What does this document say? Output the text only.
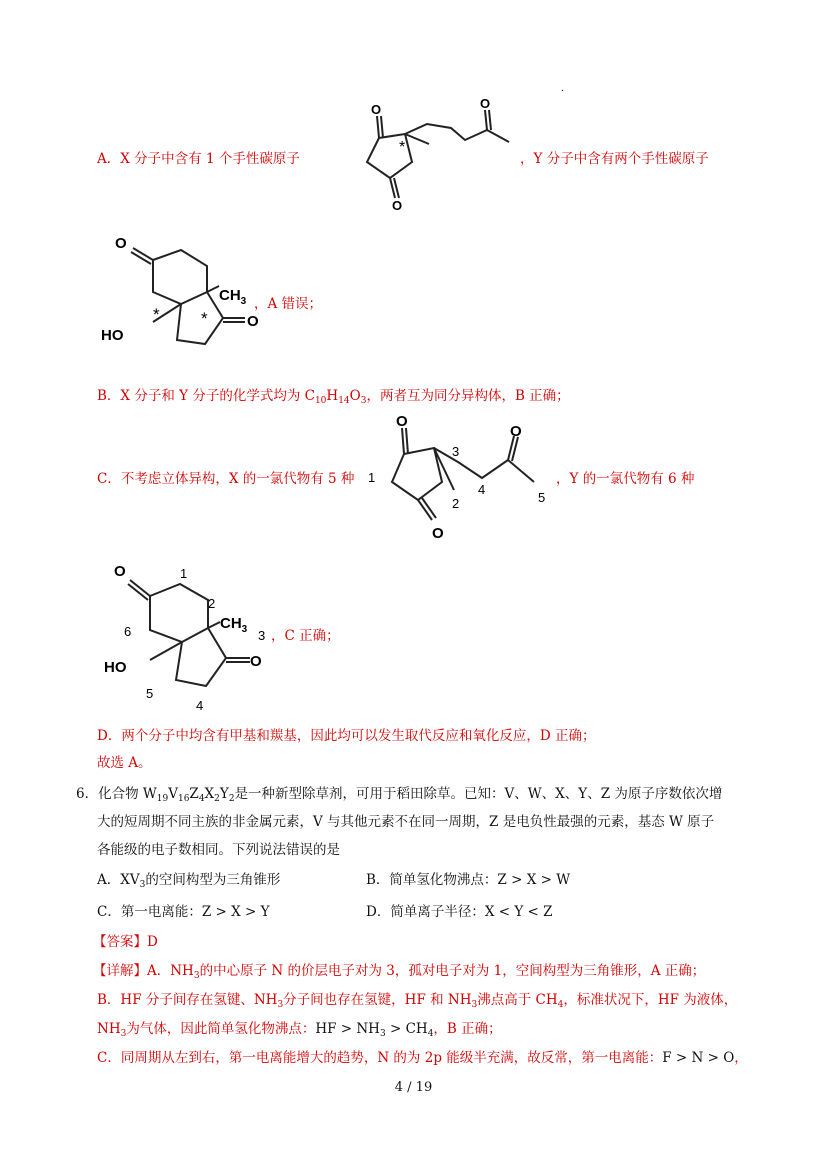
·
A．X 分子中含有 1 个手性碳原子
O
O
O
*
，Y 分子中含有两个手性碳原子
O
$CH_3$
HO
O
* *
，A 错误；
B．X 分子和 Y 分子的化学式均为 $C_{10}H_{14}O_3$，两者互为同分异构体，B 正确；
C．不考虑立体异构，X 的一氯代物有 5 种
O
O
O
1
2
3
4
5
，Y 的一氯代物有 6 种
O
$CH_3$
HO	O
1
2
3
4
5
6	，C 正确；
D．两个分子中均含有甲基和羰基，因此均可以发生取代反应和氧化反应，D 正确；
故选 A。
6．化合物 $W_{19}V_{16}Z_4X_2Y_2$是一种新型除草剂，可用于稻田除草。已知：V、W、X、Y、Z 为原子序数依次增
大的短周期不同主族的非金属元素，V 与其他元素不在同一周期，Z 是电负性最强的元素，基态 W 原子
各能级的电子数相同。下列说法错误的是
A．$XV_3$的空间构型为三角锥形	B．简单氢化物沸点：Z > X > W
C．第一电离能：Z > X > Y	D．简单离子半径：X < Y < Z
【答案】D
【详解】A．$NH_3$的中心原子 N 的价层电子对为 3，孤对电子对为 1，空间构型为三角锥形，A 正确；
B．HF 分子间存在氢键、$NH_3$分子间也存在氢键，HF 和 $NH_3$沸点高于 $CH_4$，标准状况下，HF 为液体，
$NH_3$为气体，因此简单氢化物沸点：HF > $NH_3 > CH_4$，B 正确；
C．同周期从左到右，第一电离能增大的趋势，N 的为 2p 能级半充满，故反常，第一电离能：F > N > O，
4 / 19
